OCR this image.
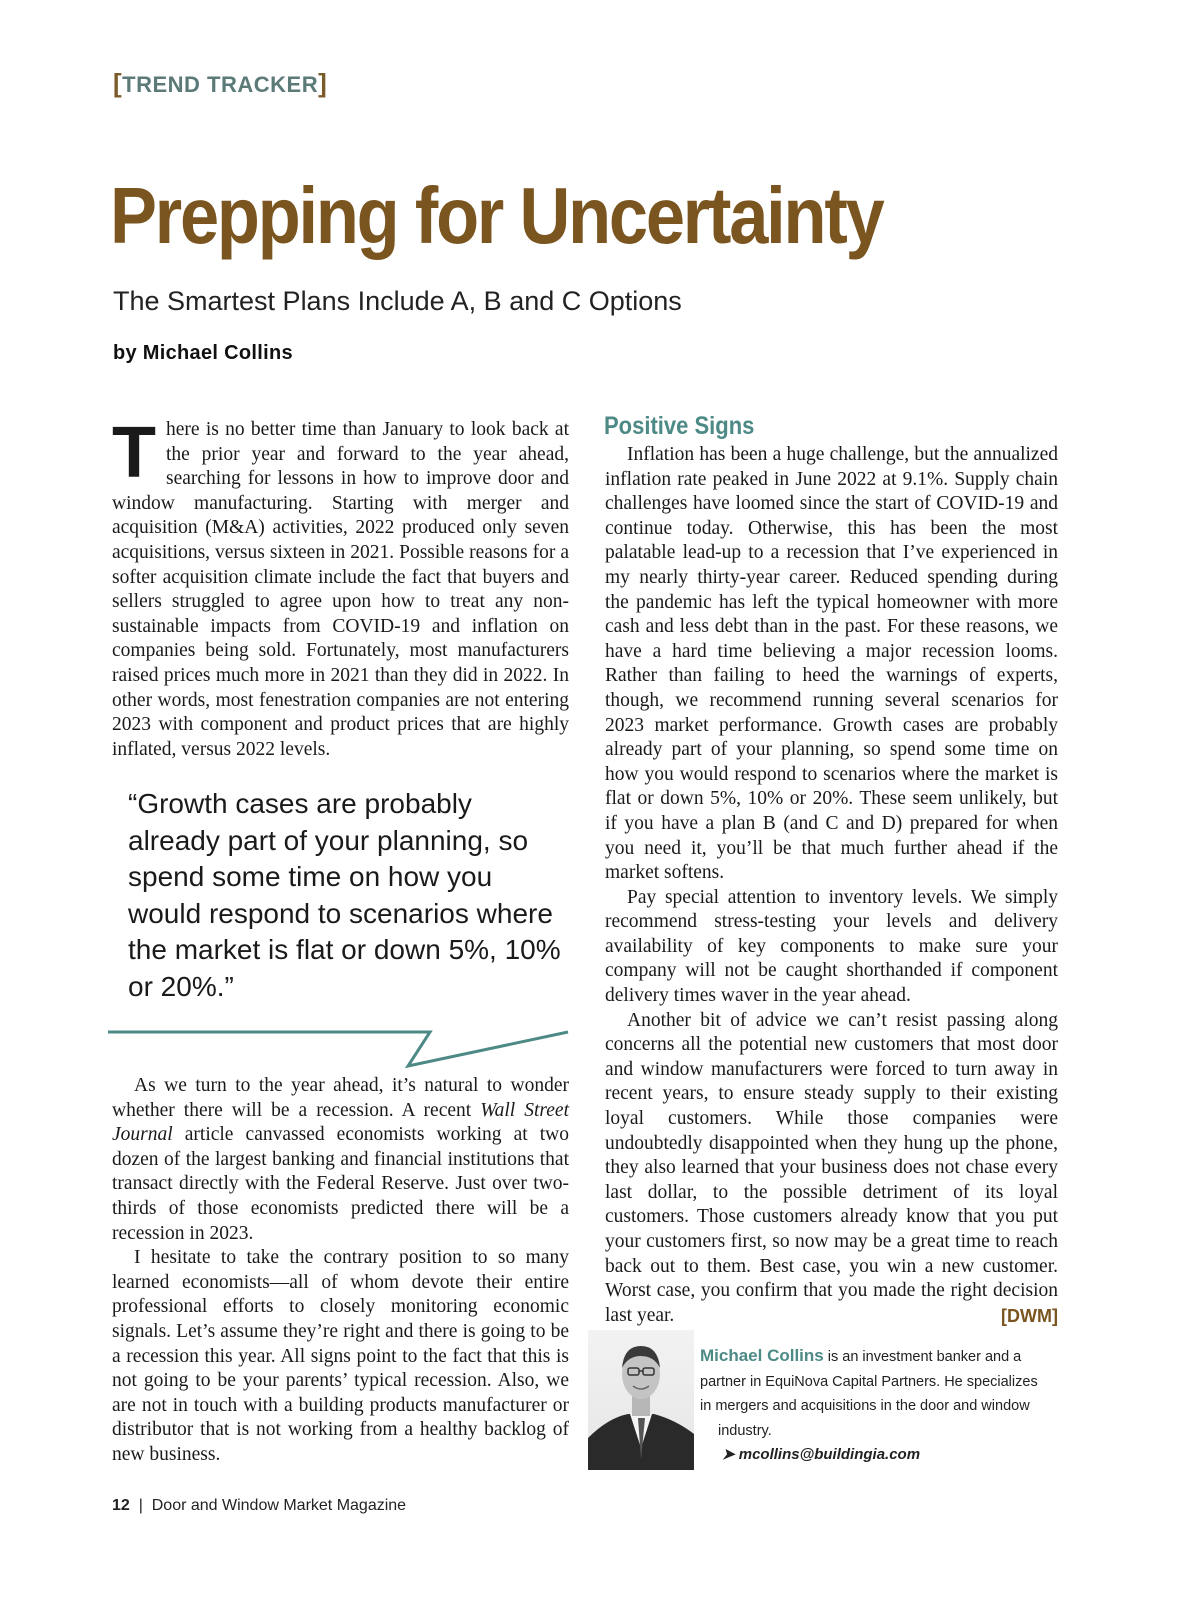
[TREND TRACKER]
Prepping for Uncertainty
The Smartest Plans Include A, B and C Options
by Michael Collins
T here is no better time than January to look back at the prior year and forward to the year ahead, searching for lessons in how to improve door and window manufacturing. Starting with merger and acquisition (M&A) activities, 2022 produced only seven acquisitions, versus sixteen in 2021. Possible reasons for a softer acquisition climate include the fact that buyers and sellers struggled to agree upon how to treat any non-sustainable impacts from COVID-19 and inflation on companies being sold. Fortunately, most manufacturers raised prices much more in 2021 than they did in 2022. In other words, most fenestration companies are not entering 2023 with component and product prices that are highly inflated, versus 2022 levels.

“Growth cases are probably already part of your planning, so spend some time on how you would respond to scenarios where the market is flat or down 5%, 10% or 20%.”

As we turn to the year ahead, it’s natural to wonder whether there will be a recession. A recent Wall Street Journal article canvassed economists working at two dozen of the largest banking and financial institutions that transact directly with the Federal Reserve. Just over two-thirds of those economists predicted there will be a recession in 2023.

I hesitate to take the contrary position to so many learned economists—all of whom devote their entire professional efforts to closely monitoring economic signals. Let’s assume they’re right and there is going to be a recession this year. All signs point to the fact that this is not going to be your parents’ typical recession. Also, we are not in touch with a building products manufacturer or distributor that is not working from a healthy backlog of new business.

Positive Signs

Inflation has been a huge challenge, but the annualized inflation rate peaked in June 2022 at 9.1%. Supply chain challenges have loomed since the start of COVID-19 and continue today. Otherwise, this has been the most palatable lead-up to a recession that I’ve experienced in my nearly thirty-year career. Reduced spending during the pandemic has left the typical homeowner with more cash and less debt than in the past. For these reasons, we have a hard time believing a major recession looms. Rather than failing to heed the warnings of experts, though, we recommend running several scenarios for 2023 market performance. Growth cases are probably already part of your planning, so spend some time on how you would respond to scenarios where the market is flat or down 5%, 10% or 20%. These seem unlikely, but if you have a plan B (and C and D) prepared for when you need it, you’ll be that much further ahead if the market softens.

Pay special attention to inventory levels. We simply recommend stress-testing your levels and delivery availability of key components to make sure your company will not be caught shorthanded if component delivery times waver in the year ahead.

Another bit of advice we can’t resist passing along concerns all the potential new customers that most door and window manufacturers were forced to turn away in recent years, to ensure steady supply to their existing loyal customers. While those companies were undoubtedly disappointed when they hung up the phone, they also learned that your business does not chase every last dollar, to the possible detriment of its loyal customers. Those customers already know that you put your customers first, so now may be a great time to reach back out to them. Best case, you win a new customer. Worst case, you confirm that you made the right decision last year.	[DWM]

Michael Collins is an investment banker and a
partner in EquiNova Capital Partners. He specializes
in mergers and acquisitions in the door and window
industry.
➤ mcollins@buildingia.com
12 | Door and Window Market Magazine
